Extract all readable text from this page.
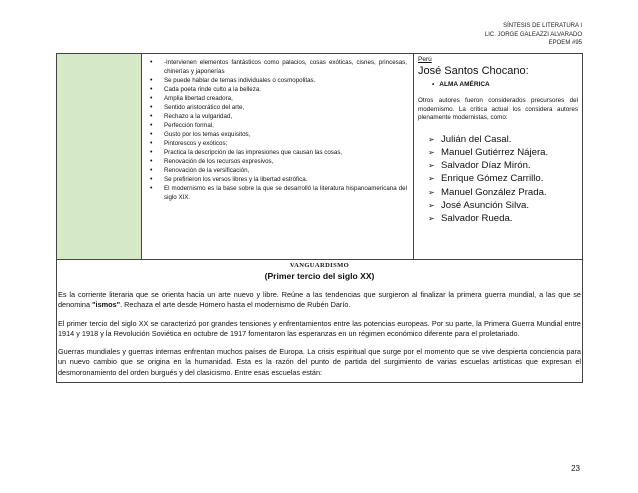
SÍNTESIS DE LITERATURA I
LIC. JORGE GALEAZZI ALVARADO
EPOEM #95
• -Intervienen elementos fantásticos como palacios, cosas exóticas, cisnes, princesas, chinerías y japonerías
• Se puede hablar de temas individuales o cosmopolitas.
• Cada poeta rinde culto a la belleza.
• Amplia libertad creadora,
• Sentido aristocrático del arte,
• Rechazo a la vulgaridad,
• Perfección formal,
• Gusto por los temas exquisitos,
• Pintorescos y exóticos;
• Practica la descripción de las impresiones que causan las cosas,
• Renovación de los recursos expresivos,
• Renovación de la versificación,
• Se prefirieron los versos libres y la libertad estrófica.
• El modernismo es la base sobre la que se desarrolló la literatura hispanoamericana del siglo XIX.
Perú
José Santos Chocano:
• ALMA AMÉRICA
Otros autores fueron considerados precursores del modernismo. La crítica actual los considera autores plenamente modernistas, como:
➢ Julián del Casal.
➢ Manuel Gutiérrez Nájera.
➢ Salvador Díaz Mirón.
➢ Enrique Gómez Carrillo.
➢ Manuel González Prada.
➢ José Asunción Silva.
➢ Salvador Rueda.
VANGUARDISMO
(Primer tercio del siglo XX)
Es la corriente literaria que se orienta hacia un arte nuevo y libre. Reúne a las tendencias que surgieron al finalizar la primera guerra mundial, a las que se denomina "ismos". Rechaza el arte desde Homero hasta el modernismo de Rubén Darío.
El primer tercio del siglo XX se caracterizó por grandes tensiones y enfrentamientos entre las potencias europeas. Por su parte, la Primera Guerra Mundial entre 1914 y 1918 y la Revolución Soviética en octubre de 1917 fomentaron las esperanzas en un régimen económico diferente para el proletariado.
Guerras mundiales y guerras internas enfrentan muchos países de Europa. La crisis espiritual que surge por el momento que se vive despierta conciencia para un nuevo cambio que se origina en la humanidad. Esta es la razón del punto de partida del surgimiento de varias escuelas artísticas que expresan el desmoronamiento del orden burgués y del clasicismo. Entre esas escuelas están:
23
